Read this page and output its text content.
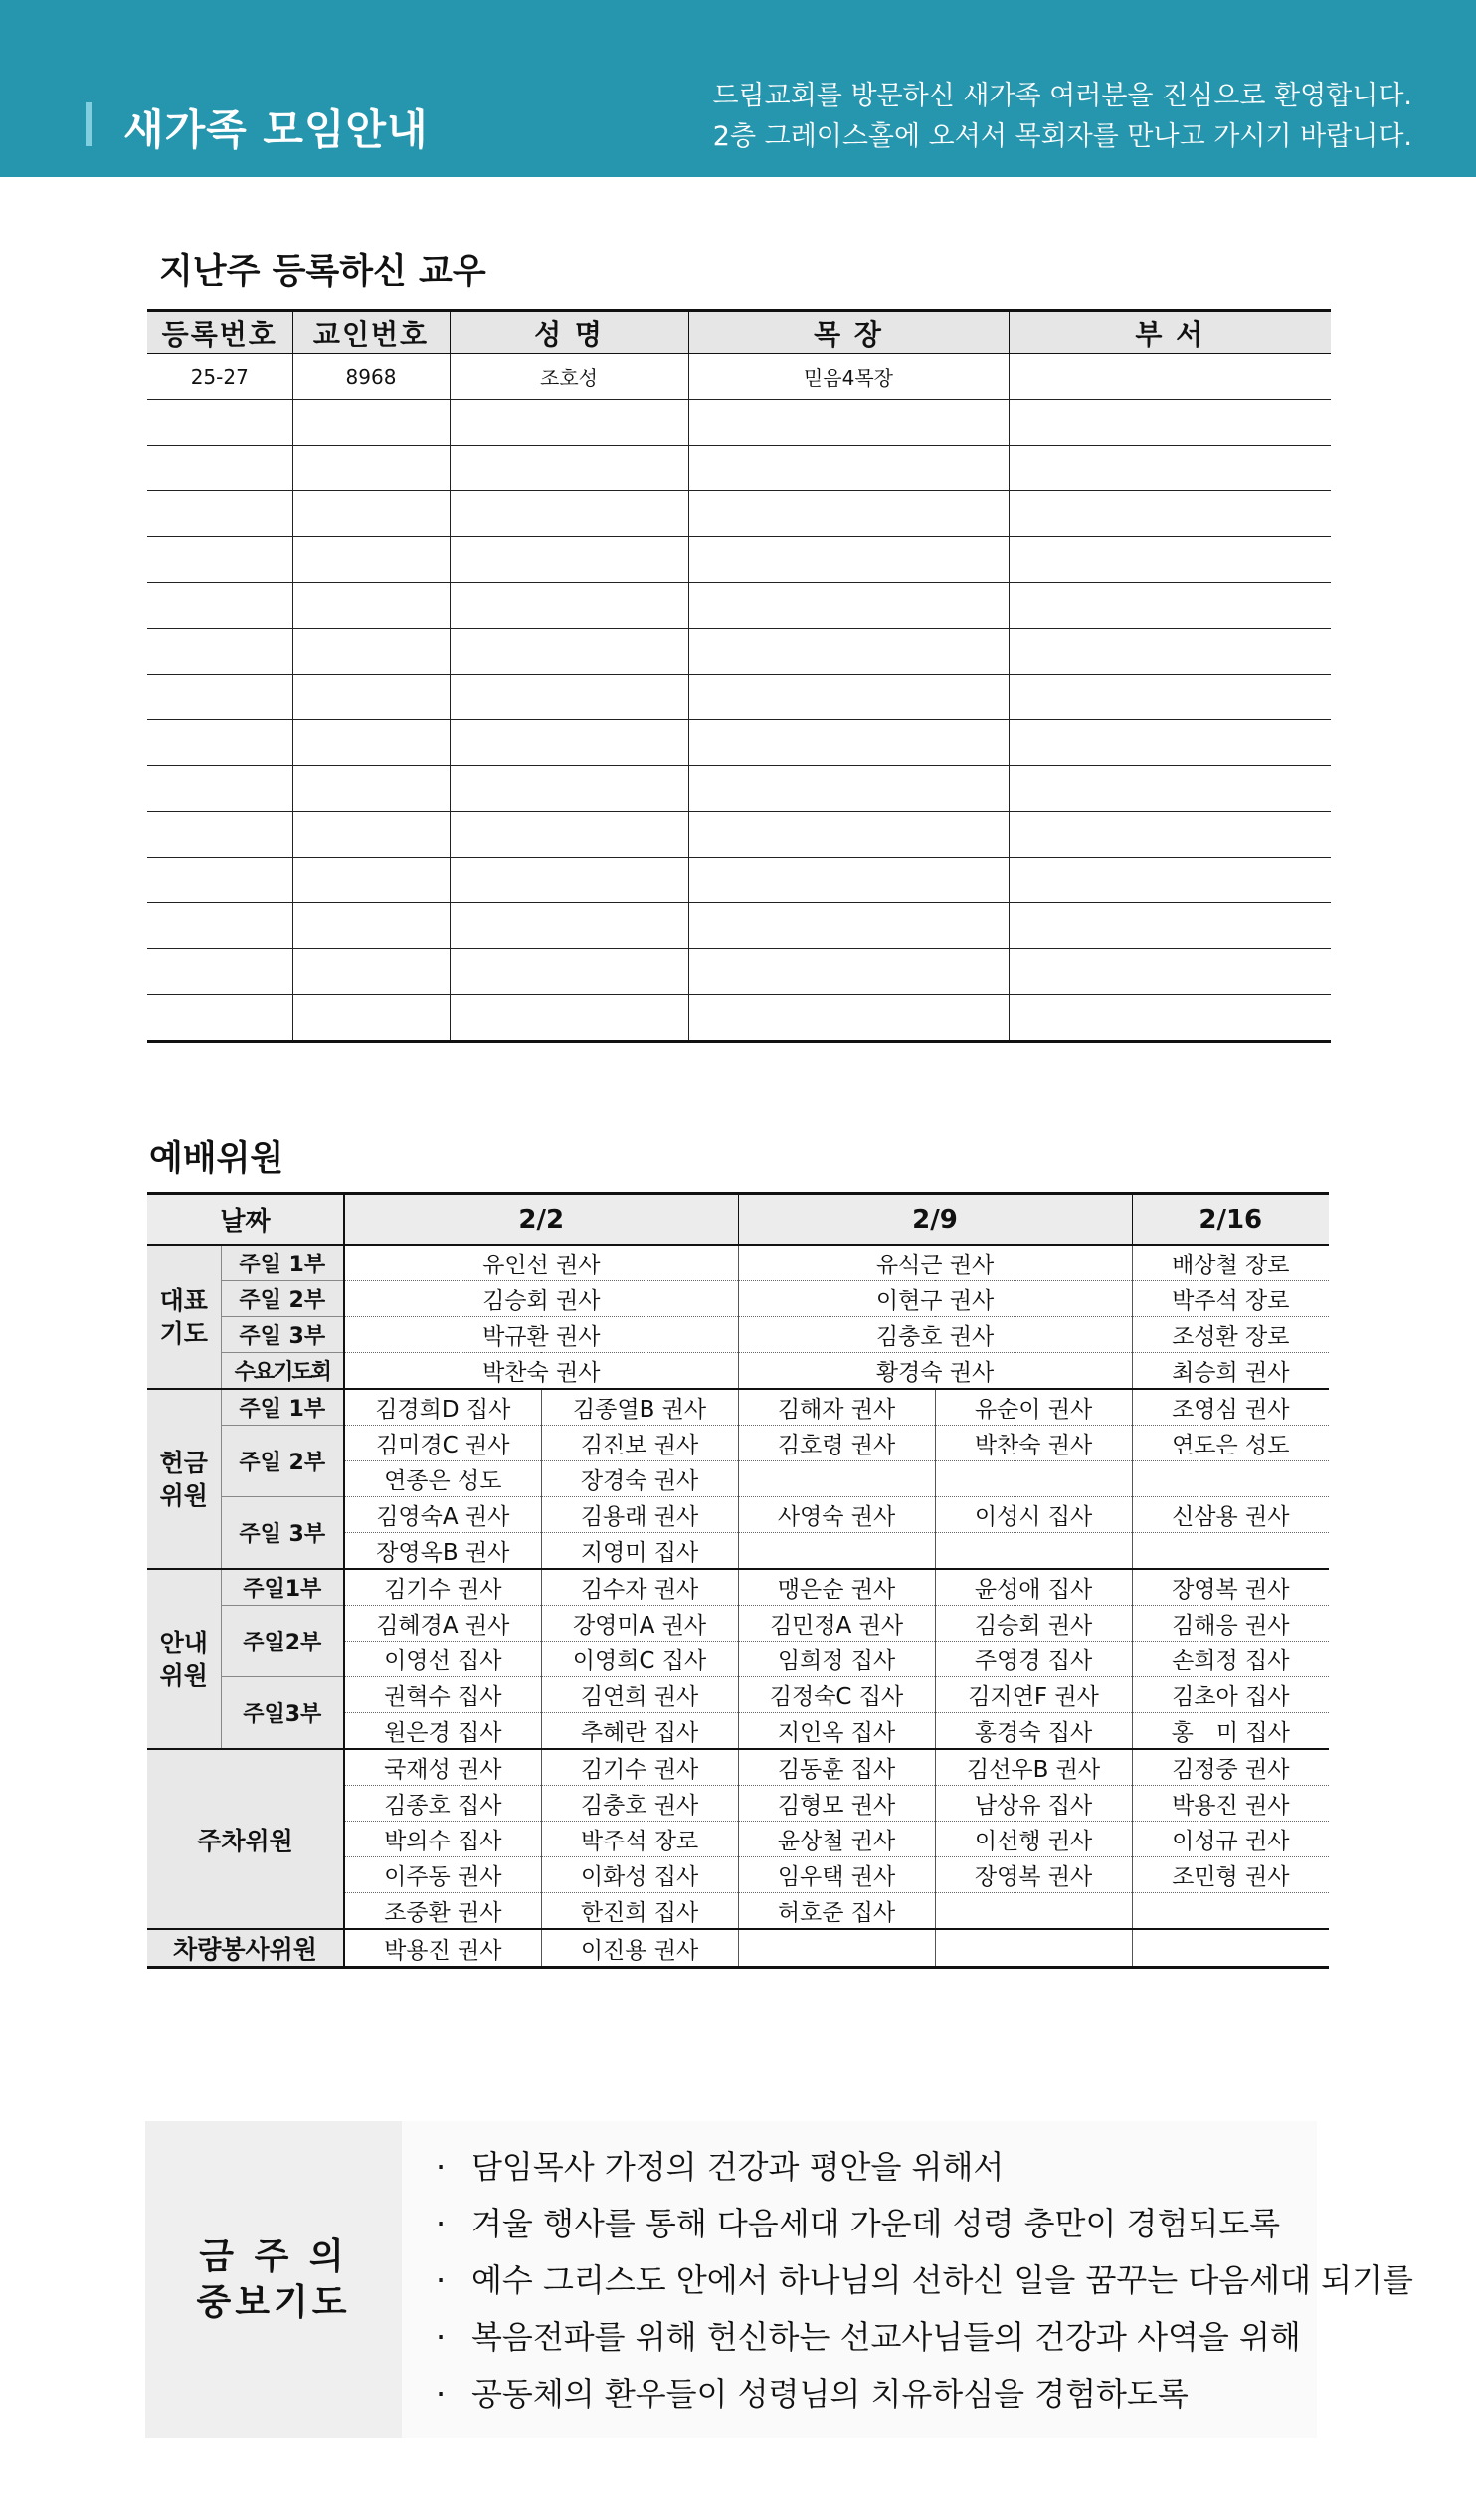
새가족 모임안내
드림교회를 방문하신 새가족 여러분을 진심으로 환영합니다.
2층 그레이스홀에 오셔서 목회자를 만나고 가시기 바랍니다.
지난주 등록하신 교우
등록번호	교인번호	성 명	목 장	부 서
25-27	8968	조호성	믿음4목장	

예배위원
날짜		2/2		2/9		2/16
대표
기도	주일 1부	유인선 권사		유석근 권사		배상철 장로
	주일 2부	김승회 권사		이현구 권사		박주석 장로
	주일 3부	박규환 권사		김충호 권사		조성환 장로
	수요기도회	박찬숙 권사		황경숙 권사		최승희 권사
헌금
위원	주일 1부	김경희D 집사	김종열B 권사	김해자 권사	유순이 권사	조영심 권사
	주일 2부	김미경C 권사	김진보 권사	김호령 권사	박찬숙 권사	연도은 성도
		연종은 성도	장경숙 권사			
	주일 3부	김영숙A 권사	김용래 권사	사영숙 권사	이성시 집사	신삼용 권사
		장영옥B 권사	지영미 집사			
안내
위원	주일1부	김기수 권사	김수자 권사	맹은순 권사	윤성애 집사	장영복 권사
	주일2부	김혜경A 권사	강영미A 권사	김민정A 권사	김승회 권사	김해응 권사
		이영선 집사	이영희C 집사	임희정 집사	주영경 집사	손희정 집사
	주일3부	권혁수 집사	김연희 권사	김정숙C 집사	김지연F 권사	김초아 집사
		원은경 집사	추혜란 집사	지인옥 집사	홍경숙 집사	홍　미 집사
주차위원		국재성 권사	김기수 권사	김동훈 집사	김선우B 권사	김정중 권사
		김종호 집사	김충호 권사	김형모 권사	남상유 집사	박용진 권사
		박의수 집사	박주석 장로	윤상철 권사	이선행 권사	이성규 권사
		이주동 권사	이화성 집사	임우택 권사	장영복 권사	조민형 권사
		조중환 권사	한진희 집사	허호준 집사		
차량봉사위원		박용진 권사	이진용 권사			
금 주 의
중보기도
· 담임목사 가정의 건강과 평안을 위해서
· 겨울 행사를 통해 다음세대 가운데 성령 충만이 경험되도록
· 예수 그리스도 안에서 하나님의 선하신 일을 꿈꾸는 다음세대 되기를
· 복음전파를 위해 헌신하는 선교사님들의 건강과 사역을 위해
· 공동체의 환우들이 성령님의 치유하심을 경험하도록
